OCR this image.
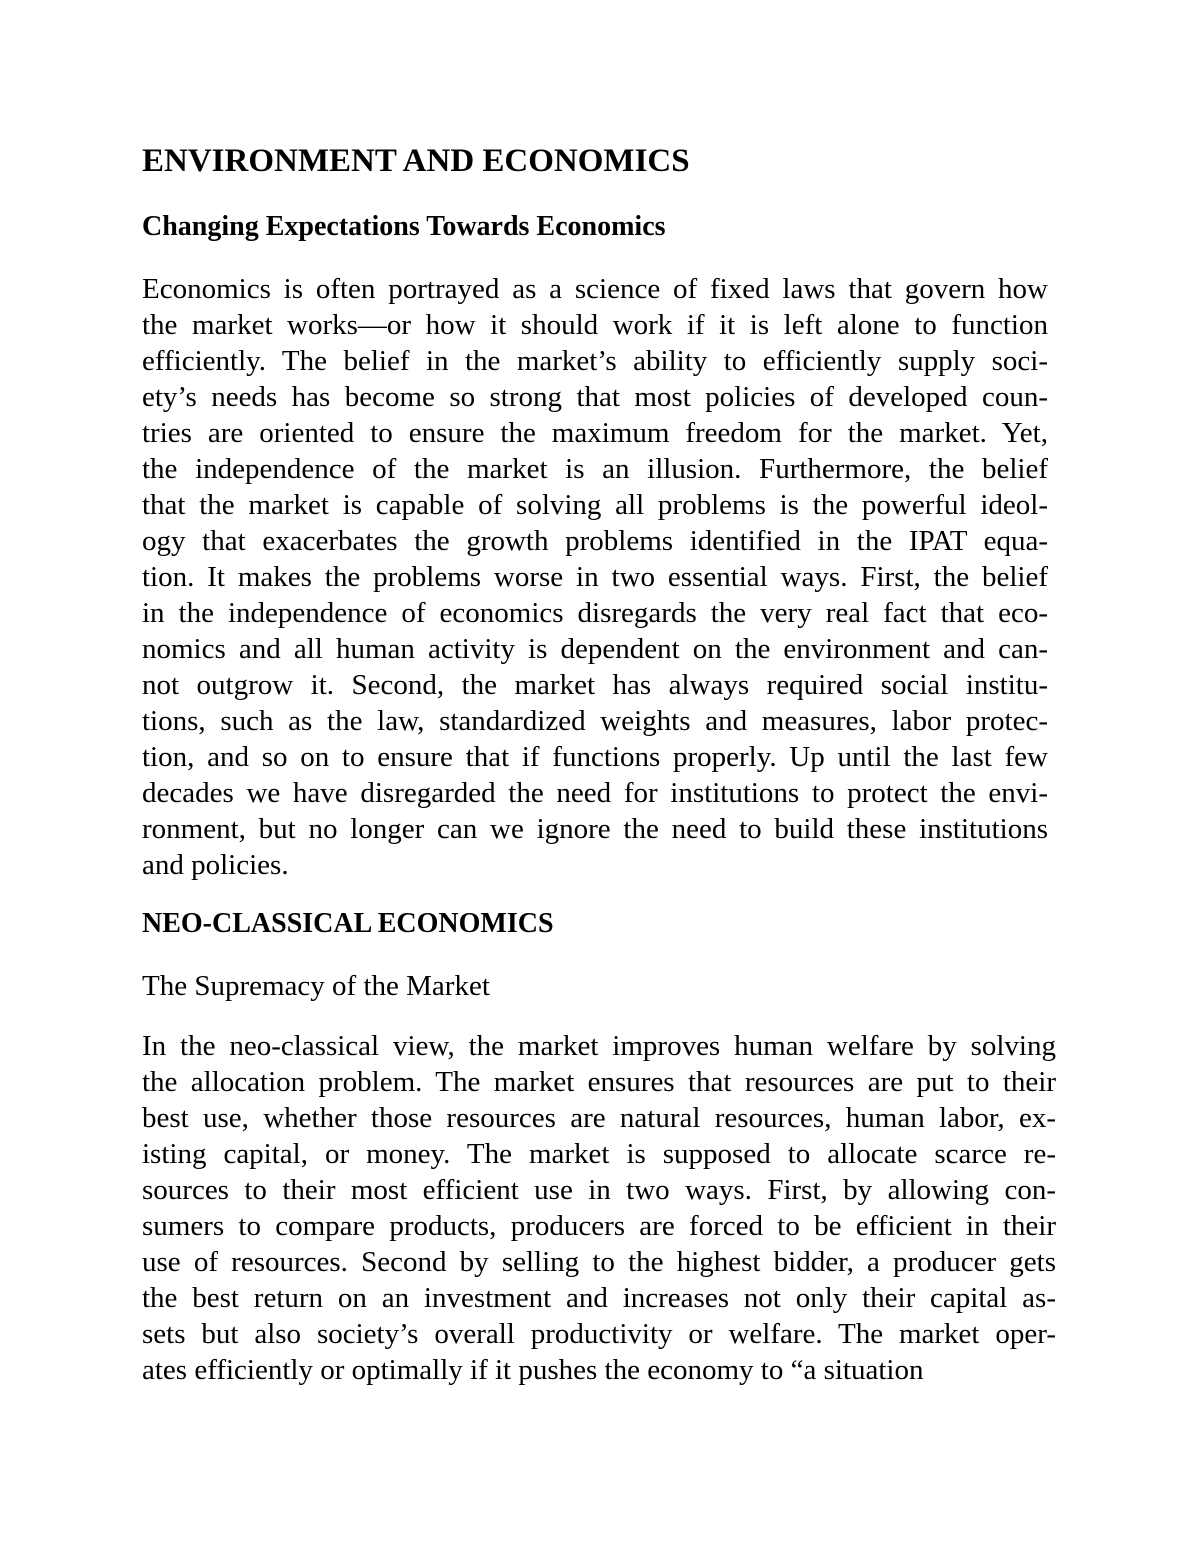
ENVIRONMENT AND ECONOMICS
Changing Expectations Towards Economics
Economics is often portrayed as a science of fixed laws that govern how
the market works—or how it should work if it is left alone to function
efficiently. The belief in the market’s ability to efficiently supply soci-
ety’s needs has become so strong that most policies of developed coun-
tries are oriented to ensure the maximum freedom for the market. Yet,
the independence of the market is an illusion. Furthermore, the belief
that the market is capable of solving all problems is the powerful ideol-
ogy that exacerbates the growth problems identified in the IPAT equa-
tion. It makes the problems worse in two essential ways. First, the belief
in the independence of economics disregards the very real fact that eco-
nomics and all human activity is dependent on the environment and can-
not outgrow it. Second, the market has always required social institu-
tions, such as the law, standardized weights and measures, labor protec-
tion, and so on to ensure that if functions properly. Up until the last few
decades we have disregarded the need for institutions to protect the envi-
ronment, but no longer can we ignore the need to build these institutions
and policies.
NEO-CLASSICAL ECONOMICS
The Supremacy of the Market
In the neo-classical view, the market improves human welfare by solving
the allocation problem. The market ensures that resources are put to their
best use, whether those resources are natural resources, human labor, ex-
isting capital, or money. The market is supposed to allocate scarce re-
sources to their most efficient use in two ways. First, by allowing con-
sumers to compare products, producers are forced to be efficient in their
use of resources. Second by selling to the highest bidder, a producer gets
the best return on an investment and increases not only their capital as-
sets but also society’s overall productivity or welfare. The market oper-
ates efficiently or optimally if it pushes the economy to “a situation
